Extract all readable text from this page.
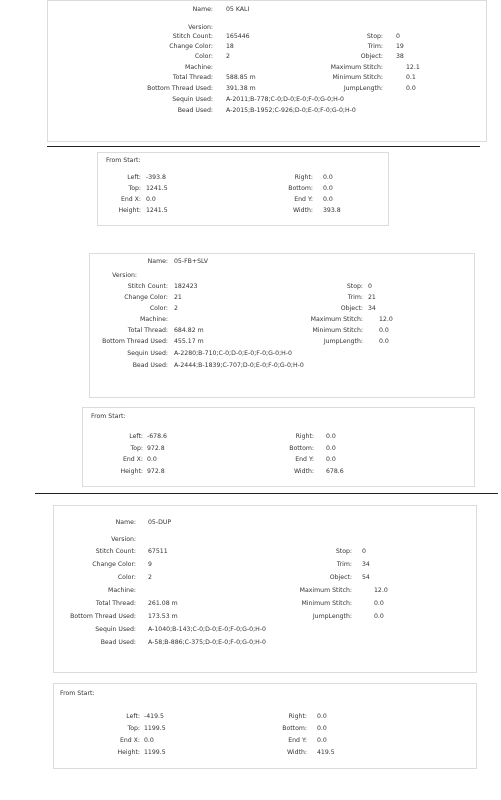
Name: 05 KALI
Version:
Stitch Count: 165446	Stop: 0
Change Color: 18	Trim: 19
Color: 2	Object: 38
Machine:	Maximum Stitch:	12.1
Total Thread: 588.85 m	Minimum Stitch:	0.1
Bottom Thread Used: 391.38 m	JumpLength:	0.0
Sequin Used: A-2011;B-778;C-0;D-0;E-0;F-0;G-0;H-0
Bead Used: A-2015;B-1952;C-926;D-0;E-0;F-0;G-0;H-0
From Start:
Left: -393.8	Right: 0.0
Top: 1241.5	Bottom: 0.0
End X: 0.0	End Y: 0.0
Height: 1241.5	Width: 393.8
Name: 05-FB+SLV
Version:
Stitch Count: 182423	Stop: 0
Change Color: 21	Trim: 21
Color: 2	Object: 34
Machine:	Maximum Stitch:	12.0
Total Thread: 684.82 m	Minimum Stitch:	0.0
Bottom Thread Used: 455.17 m	JumpLength:	0.0
Sequin Used: A-2280;B-710;C-0;D-0;E-0;F-0;G-0;H-0
Bead Used: A-2444;B-1839;C-707;D-0;E-0;F-0;G-0;H-0
From Start:
Left: -678.6	Right: 0.0
Top: 972.8	Bottom: 0.0
End X: 0.0	End Y: 0.0
Height: 972.8	Width: 678.6
Name: 05-DUP
Version:
Stitch Count: 67511	Stop: 0
Change Color: 9	Trim: 34
Color: 2	Object: 54
Machine:	Maximum Stitch:	12.0
Total Thread: 261.08 m	Minimum Stitch:	0.0
Bottom Thread Used: 173.53 m	JumpLength:	0.0
Sequin Used: A-1040;B-143;C-0;D-0;E-0;F-0;G-0;H-0
Bead Used: A-58;B-886;C-375;D-0;E-0;F-0;G-0;H-0
From Start:
Left: -419.5	Right: 0.0
Top: 1199.5	Bottom: 0.0
End X: 0.0	End Y: 0.0
Height: 1199.5	Width: 419.5
